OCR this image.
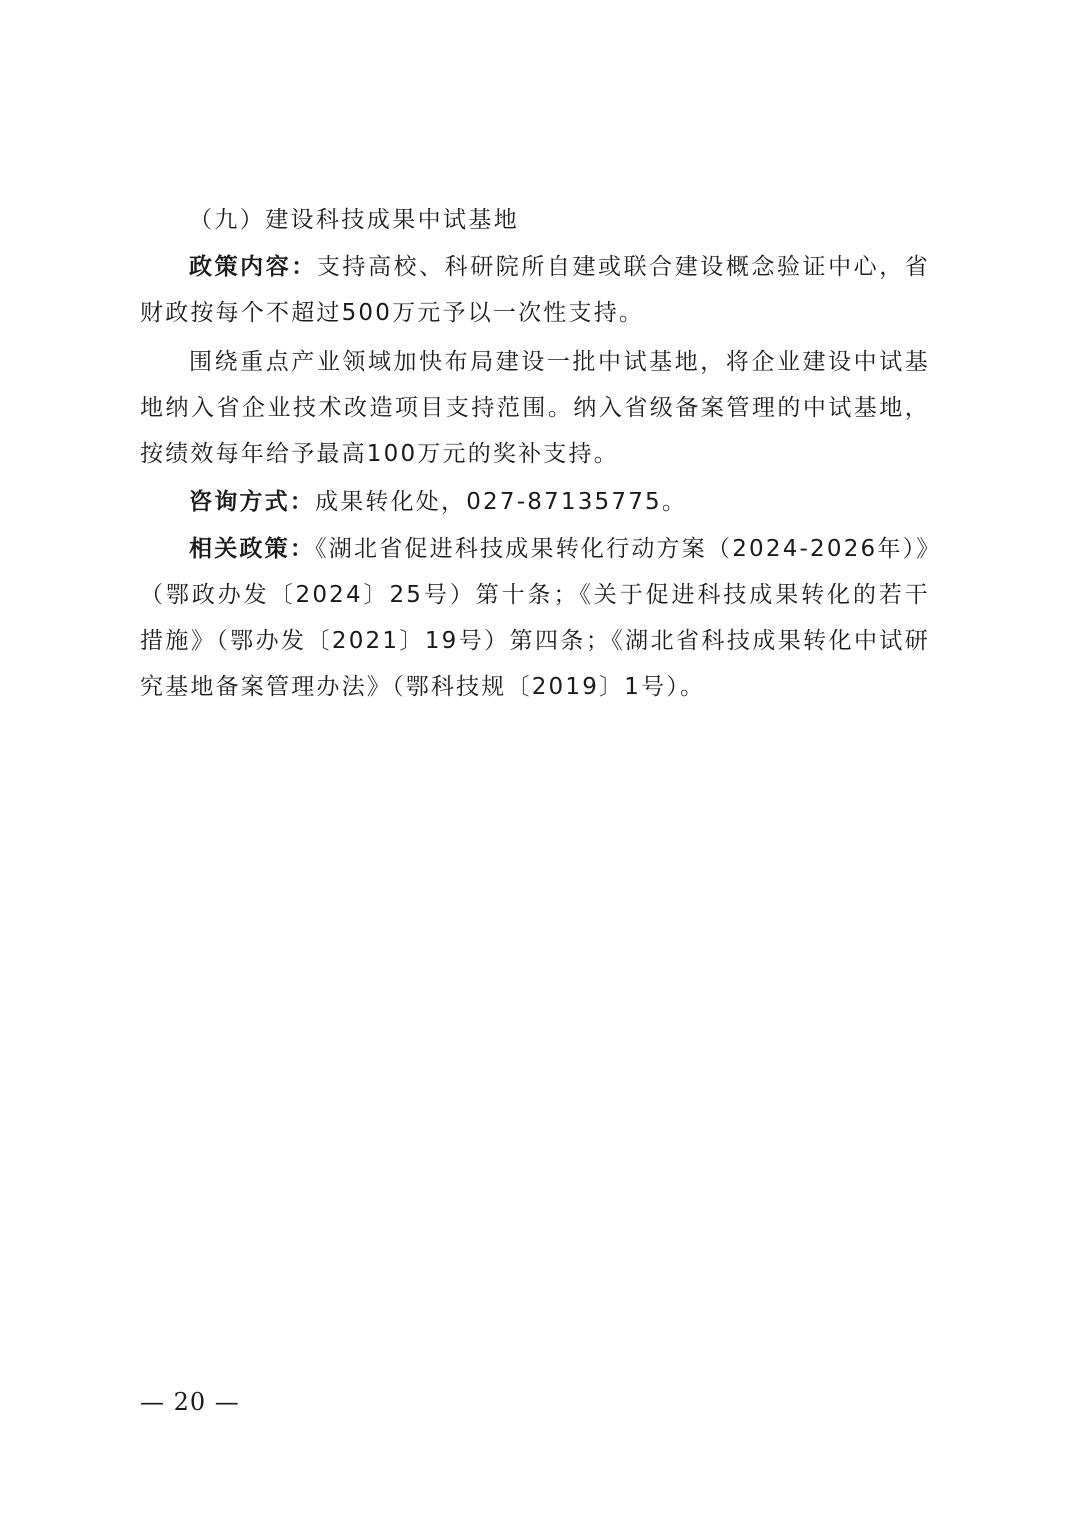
（九）建设科技成果中试基地

政策内容：支持高校、科研院所自建或联合建设概念验证中心，省财政按每个不超过500万元予以一次性支持。

围绕重点产业领域加快布局建设一批中试基地，将企业建设中试基地纳入省企业技术改造项目支持范围。纳入省级备案管理的中试基地，按绩效每年给予最高100万元的奖补支持。

咨询方式：成果转化处，027-87135775。

相关政策：《湖北省促进科技成果转化行动方案（2024-2026年）》（鄂政办发〔2024〕25号）第十条；《关于促进科技成果转化的若干措施》（鄂办发〔2021〕19号）第四条；《湖北省科技成果转化中试研究基地备案管理办法》（鄂科技规〔2019〕1号）。

— 20 —
